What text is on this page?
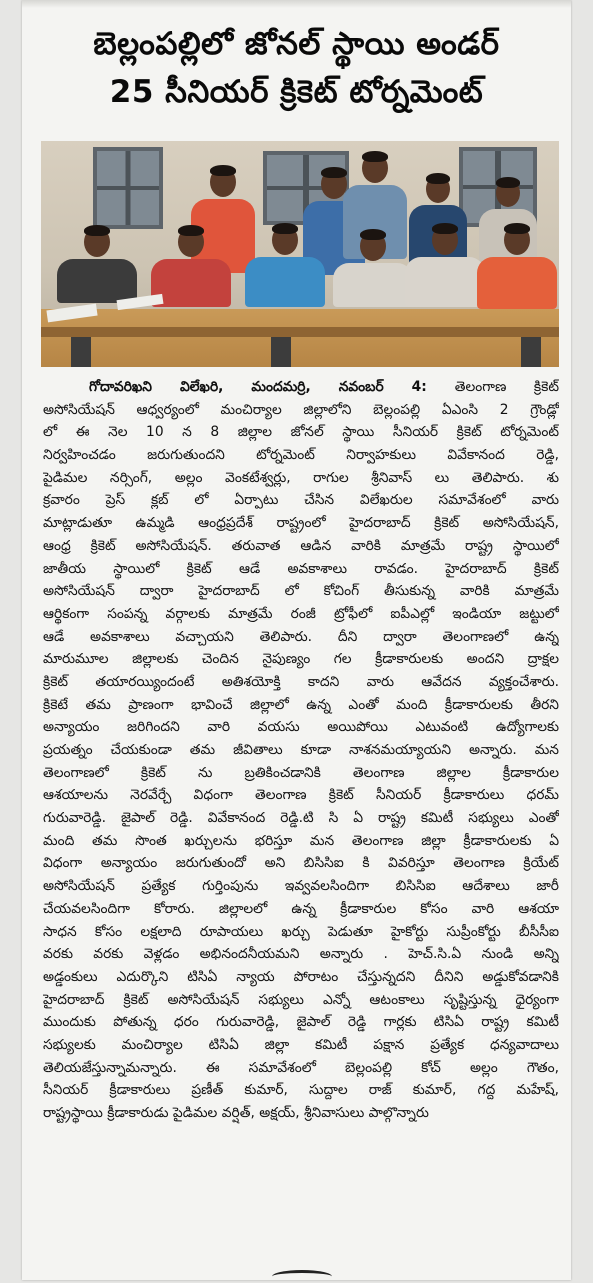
బెల్లంపల్లిలో జోనల్ స్థాయి అండర్
25 సీనియర్ క్రికెట్ టోర్నమెంట్
గోదావరిఖని విలేఖరి, మందమర్రి, నవంబర్ 4: తెలంగాణ క్రికెట్
అసోసియేషన్ ఆధ్వర్యంలో మంచిర్యాల జిల్లాలోని బెల్లంపల్లి ఏఎంసి 2 గ్రౌండ్లో
లో ఈ నెల 10 న 8 జిల్లాల జోనల్ స్థాయి సీనియర్ క్రికెట్ టోర్నమెంట్
నిర్వహించడం జరుగుతుందని టోర్నమెంట్ నిర్వాహకులు వివేకానంద రెడ్డి,
పైడిమల నర్సింగ్, అల్లం వెంకటేశ్వర్లు, రాగుల శ్రీనివాస్ లు తెలిపారు. శు
క్రవారం ప్రెస్ క్లబ్ లో ఏర్పాటు చేసిన విలేఖరుల సమావేశంలో వారు
మాట్లాడుతూ ఉమ్మడి ఆంధ్రప్రదేశ్ రాష్ట్రంలో హైదరాబాద్ క్రికెట్ అసోసియేషన్,
ఆంధ్ర క్రికెట్ అసోసియేషన్. తరువాత ఆడిన వారికి మాత్రమే రాష్ట్ర స్థాయిలో
జాతీయ స్థాయిలో క్రికెట్ ఆడే అవకాశాలు రావడం. హైదరాబాద్ క్రికెట్
అసోసియేషన్ ద్వారా హైదరాబాద్ లో కోచింగ్ తీసుకున్న వారికి మాత్రమే
ఆర్థికంగా సంపన్న వర్గాలకు మాత్రమే రంజీ ట్రోఫీలో ఐపీఎల్లో ఇండియా జట్టులో
ఆడే అవకాశాలు వచ్చాయని తెలిపారు. దీని ద్వారా తెలంగాణలో ఉన్న
మారుమూల జిల్లాలకు చెందిన నైపుణ్యం గల క్రీడాకారులకు అందని ద్రాక్షల
క్రికెట్ తయారయ్యిందంటే అతిశయోక్తి కాదని వారు ఆవేదన వ్యక్తంచేశారు.
క్రికెటే తమ ప్రాణంగా భావించే జిల్లాలో ఉన్న ఎంతో మంది క్రీడాకారులకు తీరని
అన్యాయం జరిగిందని వారి వయసు అయిపోయి ఎటువంటి ఉద్యోగాలకు
ప్రయత్నం చేయకుండా తమ జీవితాలు కూడా నాశనమయ్యాయని అన్నారు. మన
తెలంగాణలో క్రికెట్ ను బ్రతికించడానికి తెలంగాణ జిల్లాల క్రీడాకారుల
ఆశయాలను నెరవేర్చే విధంగా తెలంగాణ క్రికెట్ సీనియర్ క్రీడాకారులు ధరమ్
గురువారెడ్డి. జైపాల్ రెడ్డి. వివేకానంద రెడ్డి.టి సి ఏ రాష్ట్ర కమిటీ సభ్యులు ఎంతో
మంది తమ సొంత ఖర్చులను భరిస్తూ మన తెలంగాణ జిల్లా క్రీడాకారులకు ఏ
విధంగా అన్యాయం జరుగుతుందో అని బిసిసిఐ కి వివరిస్తూ తెలంగాణ క్రియేట్
అసోసియేషన్ ప్రత్యేక గుర్తింపును ఇవ్వవలసిందిగా బిసిసిఐ ఆదేశాలు జారీ
చేయవలసిందిగా కోరారు. జిల్లాలలో ఉన్న క్రీడాకారుల కోసం వారి ఆశయా
సాధన కోసం లక్షలాది రూపాయలు ఖర్చు పెడుతూ హైకోర్టు సుప్రీంకోర్టు బీసీసీఐ
వరకు వరకు వెళ్లడం అభినందనీయమని అన్నారు . హెచ్.సి.ఏ నుండి అన్ని
అడ్డంకులు ఎదుర్కొని టిసిఏ న్యాయ పోరాటం చేస్తున్నదని దీనిని అడ్డుకోవడానికి
హైదరాబాద్ క్రికెట్ అసోసియేషన్ సభ్యులు ఎన్నో ఆటంకాలు సృష్టిస్తున్న ధైర్యంగా
ముందుకు పోతున్న ధరం గురువారెడ్డి, జైపాల్ రెడ్డి గార్లకు టిసిఏ రాష్ట్ర కమిటీ
సభ్యులకు మంచిర్యాల టిసిఏ జిల్లా కమిటీ పక్షాన ప్రత్యేక ధన్యవాదాలు
తెలియజేస్తున్నామన్నారు. ఈ సమావేశంలో బెల్లంపల్లి కోచ్ అల్లం గౌతం,
సీనియర్ క్రీడాకారులు ప్రణీత్ కుమార్, సుద్దాల రాజ్ కుమార్, గద్ద మహేష్,
రాష్ట్రస్థాయి క్రీడాకారుడు పైడిమల వర్షిత్, అక్షయ్, శ్రీనివాసులు పాల్గొన్నారు
